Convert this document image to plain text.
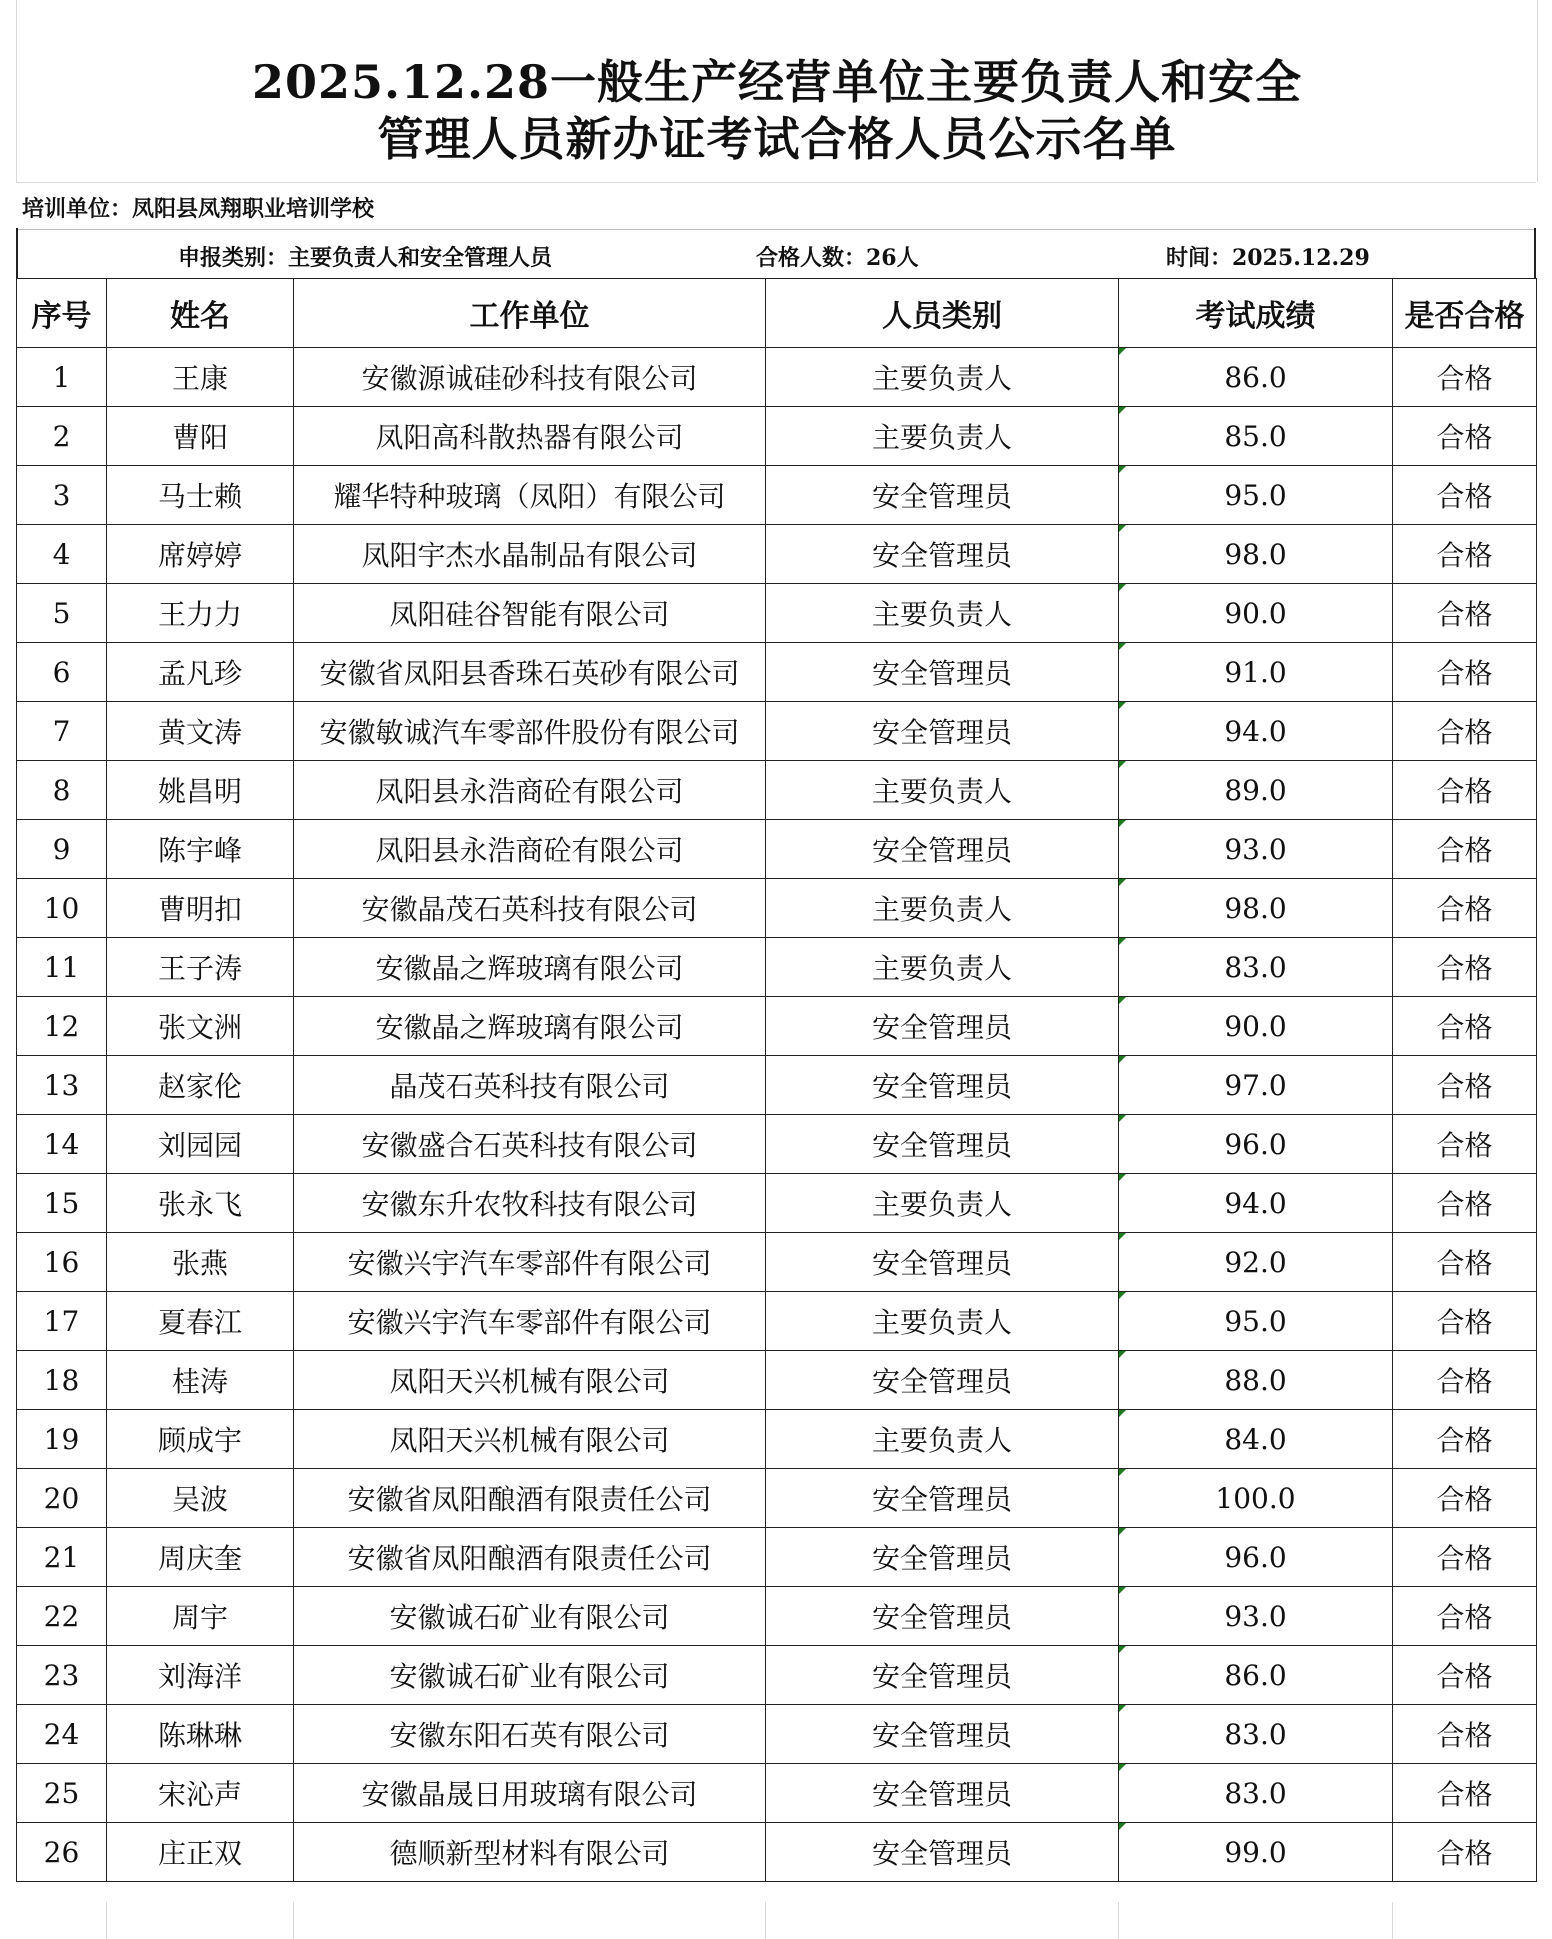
2025.12.28一般生产经营单位主要负责人和安全
管理人员新办证考试合格人员公示名单
培训单位：凤阳县凤翔职业培训学校
申报类别：主要负责人和安全管理人员	合格人数：26人	时间：2025.12.29
序号	姓名	工作单位	人员类别	考试成绩	是否合格
1	王康	安徽源诚硅砂科技有限公司	主要负责人	86.0	合格
2	曹阳	凤阳高科散热器有限公司	主要负责人	85.0	合格
3	马士赖	耀华特种玻璃（凤阳）有限公司	安全管理员	95.0	合格
4	席婷婷	凤阳宇杰水晶制品有限公司	安全管理员	98.0	合格
5	王力力	凤阳硅谷智能有限公司	主要负责人	90.0	合格
6	孟凡珍	安徽省凤阳县香珠石英砂有限公司	安全管理员	91.0	合格
7	黄文涛	安徽敏诚汽车零部件股份有限公司	安全管理员	94.0	合格
8	姚昌明	凤阳县永浩商砼有限公司	主要负责人	89.0	合格
9	陈宇峰	凤阳县永浩商砼有限公司	安全管理员	93.0	合格
10	曹明扣	安徽晶茂石英科技有限公司	主要负责人	98.0	合格
11	王子涛	安徽晶之辉玻璃有限公司	主要负责人	83.0	合格
12	张文洲	安徽晶之辉玻璃有限公司	安全管理员	90.0	合格
13	赵家伦	晶茂石英科技有限公司	安全管理员	97.0	合格
14	刘园园	安徽盛合石英科技有限公司	安全管理员	96.0	合格
15	张永飞	安徽东升农牧科技有限公司	主要负责人	94.0	合格
16	张燕	安徽兴宇汽车零部件有限公司	安全管理员	92.0	合格
17	夏春江	安徽兴宇汽车零部件有限公司	主要负责人	95.0	合格
18	桂涛	凤阳天兴机械有限公司	安全管理员	88.0	合格
19	顾成宇	凤阳天兴机械有限公司	主要负责人	84.0	合格
20	吴波	安徽省凤阳酿酒有限责任公司	安全管理员	100.0	合格
21	周庆奎	安徽省凤阳酿酒有限责任公司	安全管理员	96.0	合格
22	周宇	安徽诚石矿业有限公司	安全管理员	93.0	合格
23	刘海洋	安徽诚石矿业有限公司	安全管理员	86.0	合格
24	陈琳琳	安徽东阳石英有限公司	安全管理员	83.0	合格
25	宋沁声	安徽晶晟日用玻璃有限公司	安全管理员	83.0	合格
26	庄正双	德顺新型材料有限公司	安全管理员	99.0	合格
